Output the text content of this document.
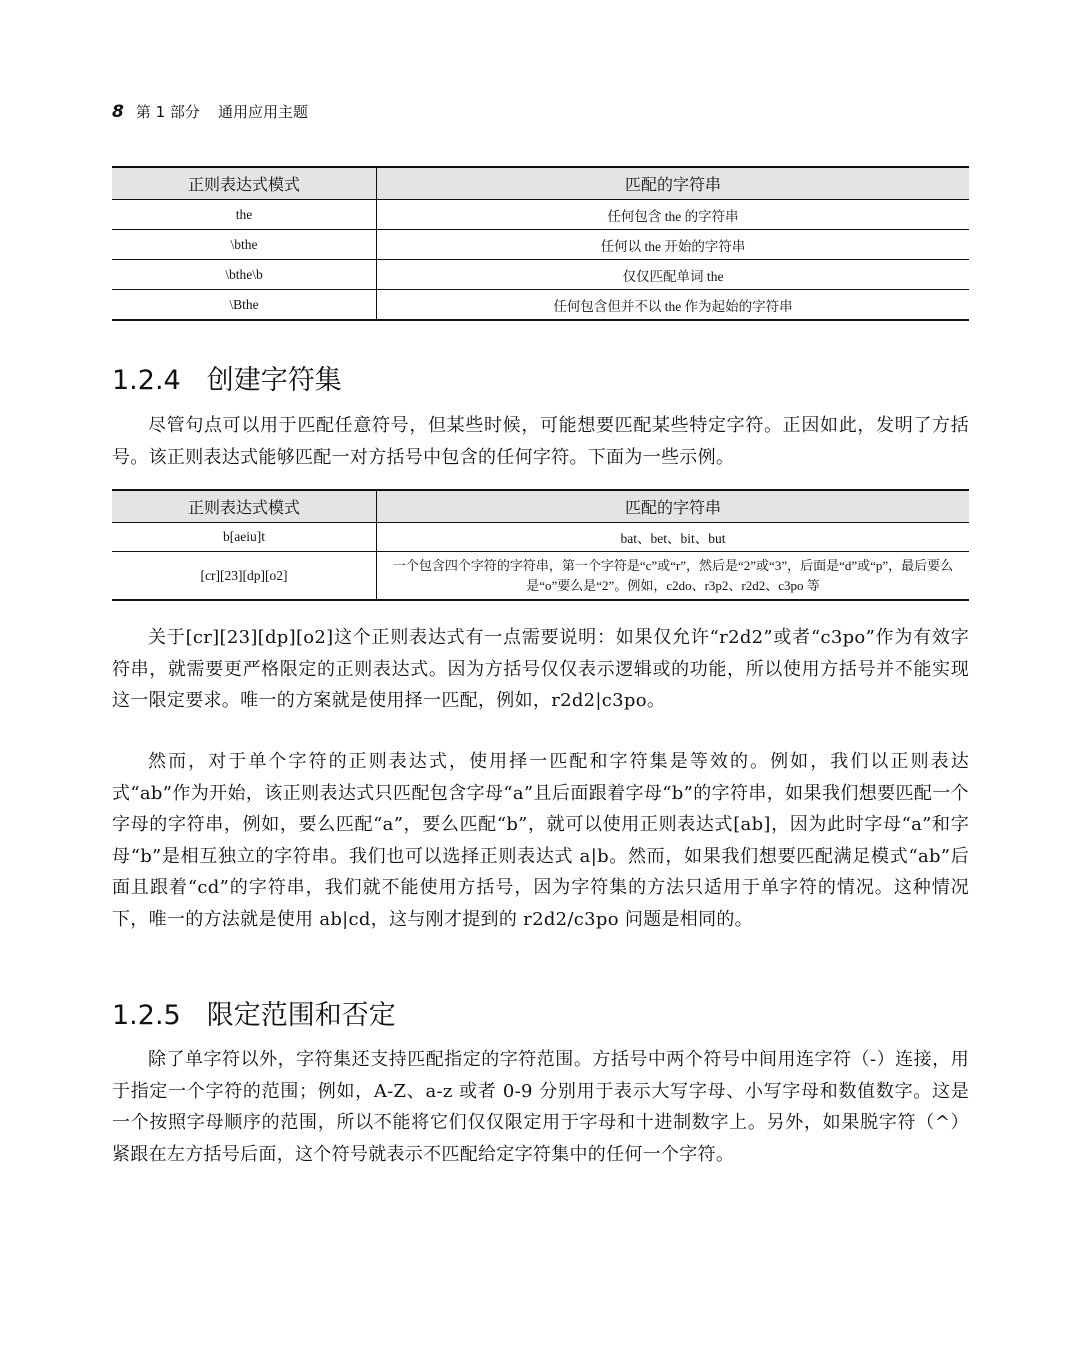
8 第 1 部分 通用应用主题
正则表达式模式	匹配的字符串
the	任何包含 the 的字符串
\bthe	任何以 the 开始的字符串
\bthe\b	仅仅匹配单词 the
\Bthe	任何包含但并不以 the 作为起始的字符串
1.2.4 创建字符集

尽管句点可以用于匹配任意符号，但某些时候，可能想要匹配某些特定字符。正因如此，发明了方括号。该正则表达式能够匹配一对方括号中包含的任何字符。下面为一些示例。

正则表达式模式	匹配的字符串
b[aeiu]t	bat、bet、bit、but
[cr][23][dp][o2]	一个包含四个字符的字符串，第一个字符是“c”或“r”，然后是“2”或“3”，后面是“d”或“p”，最后要么是“o”要么是“2”。例如，c2do、r3p2、r2d2、c3po 等

关于[cr][23][dp][o2]这个正则表达式有一点需要说明：如果仅允许“r2d2”或者“c3po”作为有效字符串，就需要更严格限定的正则表达式。因为方括号仅仅表示逻辑或的功能，所以使用方括号并不能实现这一限定要求。唯一的方案就是使用择一匹配，例如，r2d2|c3po。

然而，对于单个字符的正则表达式，使用择一匹配和字符集是等效的。例如，我们以正则表达式“ab”作为开始，该正则表达式只匹配包含字母“a”且后面跟着字母“b”的字符串，如果我们想要匹配一个字母的字符串，例如，要么匹配“a”，要么匹配“b”，就可以使用正则表达式[ab]，因为此时字母“a”和字母“b”是相互独立的字符串。我们也可以选择正则表达式 a|b。然而，如果我们想要匹配满足模式“ab”后面且跟着“cd”的字符串，我们就不能使用方括号，因为字符集的方法只适用于单字符的情况。这种情况下，唯一的方法就是使用 ab|cd，这与刚才提到的 r2d2/c3po 问题是相同的。

1.2.5 限定范围和否定

除了单字符以外，字符集还支持匹配指定的字符范围。方括号中两个符号中间用连字符（-）连接，用于指定一个字符的范围；例如，A-Z、a-z 或者 0-9 分别用于表示大写字母、小写字母和数值数字。这是一个按照字母顺序的范围，所以不能将它们仅仅限定用于字母和十进制数字上。另外，如果脱字符（^）紧跟在左方括号后面，这个符号就表示不匹配给定字符集中的任何一个字符。
